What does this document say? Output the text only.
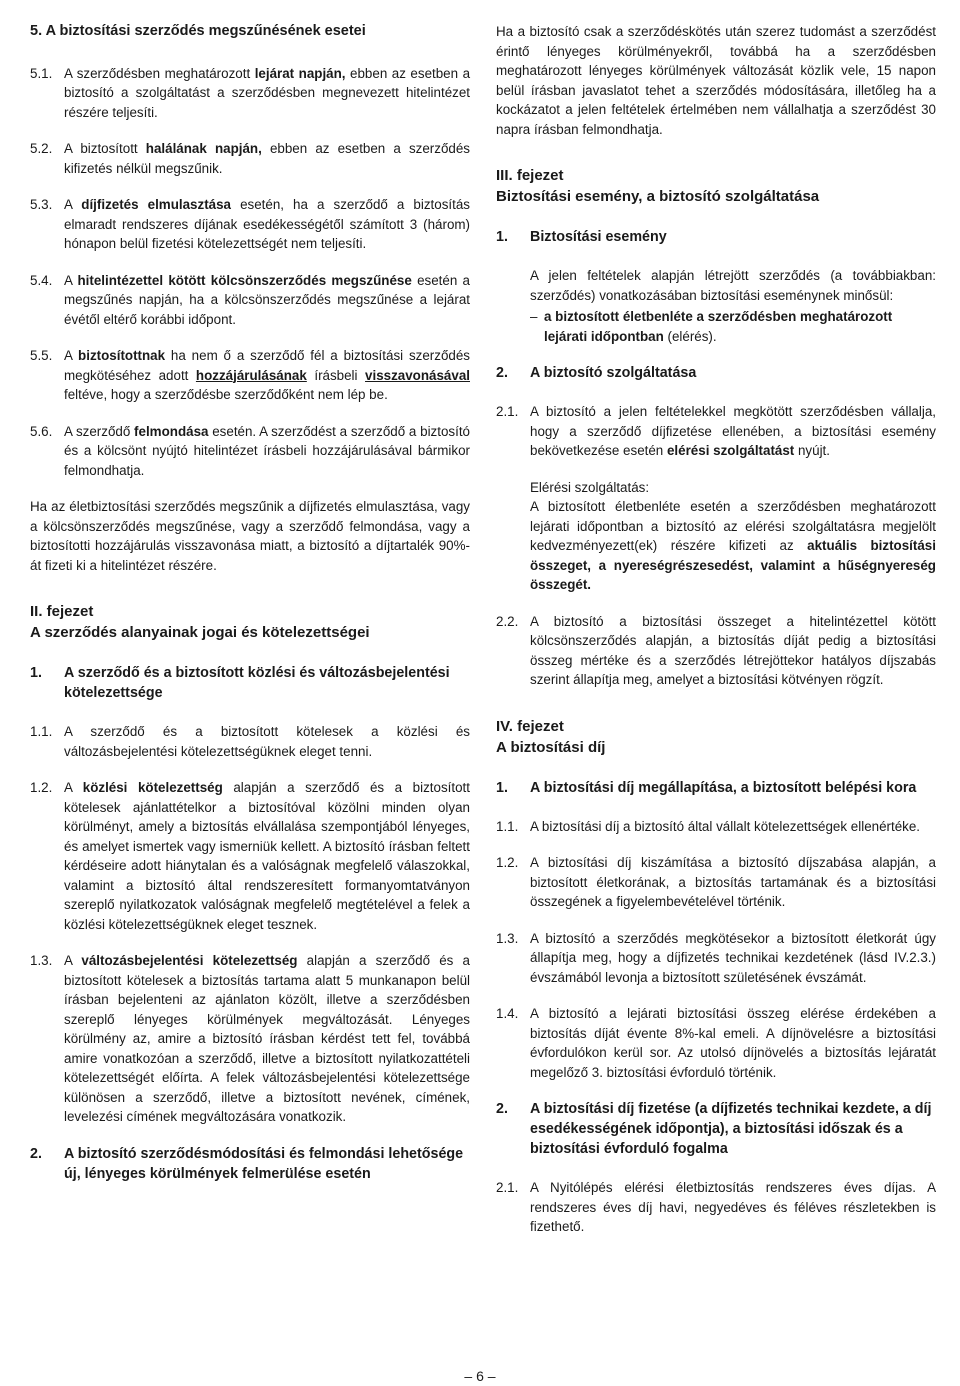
5. A biztosítási szerződés megszűnésének esetei

5.1. A szerződésben meghatározott lejárat napján, ebben az esetben a biztosító a szolgáltatást a szerződésben megnevezett hitelintézet részére teljesíti.

5.2. A biztosított halálának napján, ebben az esetben a szerződés kifizetés nélkül megszűnik.

5.3. A díjfizetés elmulasztása esetén, ha a szerződő a biztosítás elmaradt rendszeres díjának esedékességétől számított 3 (három) hónapon belül fizetési kötelezettségét nem teljesíti.

5.4. A hitelintézettel kötött kölcsönszerződés megszűnése esetén a megszűnés napján, ha a kölcsönszerződés megszűnése a lejárat évétől eltérő korábbi időpont.

5.5. A biztosítottnak ha nem ő a szerződő fél a biztosítási szerződés megkötéséhez adott hozzájárulásának írásbeli visszavonásával feltéve, hogy a szerződésbe szerződőként nem lép be.

5.6. A szerződő felmondása esetén. A szerződést a szerződő a biztosító és a kölcsönt nyújtó hitelintézet írásbeli hozzájárulásával bármikor felmondhatja.

Ha az életbiztosítási szerződés megszűnik a díjfizetés elmulasztása, vagy a kölcsönszerződés megszűnése, vagy a szerződő felmondása, vagy a biztosítotti hozzájárulás visszavonása miatt, a biztosító a díjtartalék 90%-át fizeti ki a hitelintézet részére.

II. fejezet
A szerződés alanyainak jogai és kötelezettségei
1. A szerződő és a biztosított közlési és változásbejelentési kötelezettsége

1.1. A szerződő és a biztosított kötelesek a közlési és változásbejelentési kötelezettségüknek eleget tenni.

1.2. A közlési kötelezettség alapján a szerződő és a biztosított kötelesek ajánlattételkor a biztosítóval közölni minden olyan körülményt, amely a biztosítás elvállalása szempontjából lényeges, és amelyet ismertek vagy ismerniük kellett. A biztosító írásban feltett kérdéseire adott hiánytalan és a valóságnak megfelelő válaszokkal, valamint a biztosító által rendszeresített formanyomtatványon szereplő nyilatkozatok valóságnak megfelelő megtételével a felek a közlési kötelezettségüknek eleget tesznek.

1.3. A változásbejelentési kötelezettség alapján a szerződő és a biztosított kötelesek a biztosítás tartama alatt 5 munkanapon belül írásban bejelenteni az ajánlaton közölt, illetve a szerződésben szereplő lényeges körülmények megváltozását. Lényeges körülmény az, amire a biztosító írásban kérdést tett fel, továbbá amire vonatkozóan a szerződő, illetve a biztosított nyilatkozattételi kötelezettségét előírta. A felek változásbejelentési kötelezettsége különösen a szerződő, illetve a biztosított nevének, címének, levelezési címének megváltozására vonatkozik.

2. A biztosító szerződésmódosítási és felmondási lehetősége új, lényeges körülmények felmerülése esetén

Ha a biztosító csak a szerződéskötés után szerez tudomást a szerződést érintő lényeges körülményekről, továbbá ha a szerződésben meghatározott lényeges körülmények változását közlik vele, 15 napon belül írásban javaslatot tehet a szerződés módosítására, illetőleg ha a kockázatot a jelen feltételek értelmében nem vállalhatja a szerződést 30 napra írásban felmondhatja.

III. fejezet
Biztosítási esemény, a biztosító szolgáltatása
1. Biztosítási esemény

A jelen feltételek alapján létrejött szerződés (a továbbiakban: szerződés) vonatkozásában biztosítási eseménynek minősül:

– a biztosított életbenléte a szerződésben meghatározott lejárati időpontban (elérés).

2. A biztosító szolgáltatása

2.1. A biztosító a jelen feltételekkel megkötött szerződésben vállalja, hogy a szerződő díjfizetése ellenében, a biztosítási esemény bekövetkezése esetén elérési szolgáltatást nyújt.

Elérési szolgáltatás:

A biztosított életbenléte esetén a szerződésben meghatározott lejárati időpontban a biztosító az elérési szolgáltatásra megjelölt kedvezményezett(ek) részére kifizeti az aktuális biztosítási összeget, a nyereségrészesedést, valamint a hűségnyereség összegét.

2.2. A biztosító a biztosítási összeget a hitelintézettel kötött kölcsönszerződés alapján, a biztosítás díját pedig a biztosítási összeg mértéke és a szerződés létrejöttekor hatályos díjszabás szerint állapítja meg, amelyet a biztosítási kötvényen rögzít.

IV. fejezet
A biztosítási díj
1. A biztosítási díj megállapítása, a biztosított belépési kora

1.1. A biztosítási díj a biztosító által vállalt kötelezettségek ellenértéke.

1.2. A biztosítási díj kiszámítása a biztosító díjszabása alapján, a biztosított életkorának, a biztosítás tartamának és a biztosítási összegének a figyelembevételével történik.

1.3. A biztosító a szerződés megkötésekor a biztosított életkorát úgy állapítja meg, hogy a díjfizetés technikai kezdetének (lásd IV.2.3.) évszámából levonja a biztosított születésének évszámát.

1.4. A biztosító a lejárati biztosítási összeg elérése érdekében a biztosítás díját évente 8%-kal emeli. A díjnövelésre a biztosítási évfordulókon kerül sor. Az utolsó díjnövelés a biztosítás lejáratát megelőző 3. biztosítási évforduló történik.

2. A biztosítási díj fizetése (a díjfizetés technikai kezdete, a díj esedékességének időpontja), a biztosítási időszak és a biztosítási évforduló fogalma

2.1. A Nyitólépés elérési életbiztosítás rendszeres éves díjas. A rendszeres éves díj havi, negyedéves és féléves részletekben is fizethető.

– 6 –
